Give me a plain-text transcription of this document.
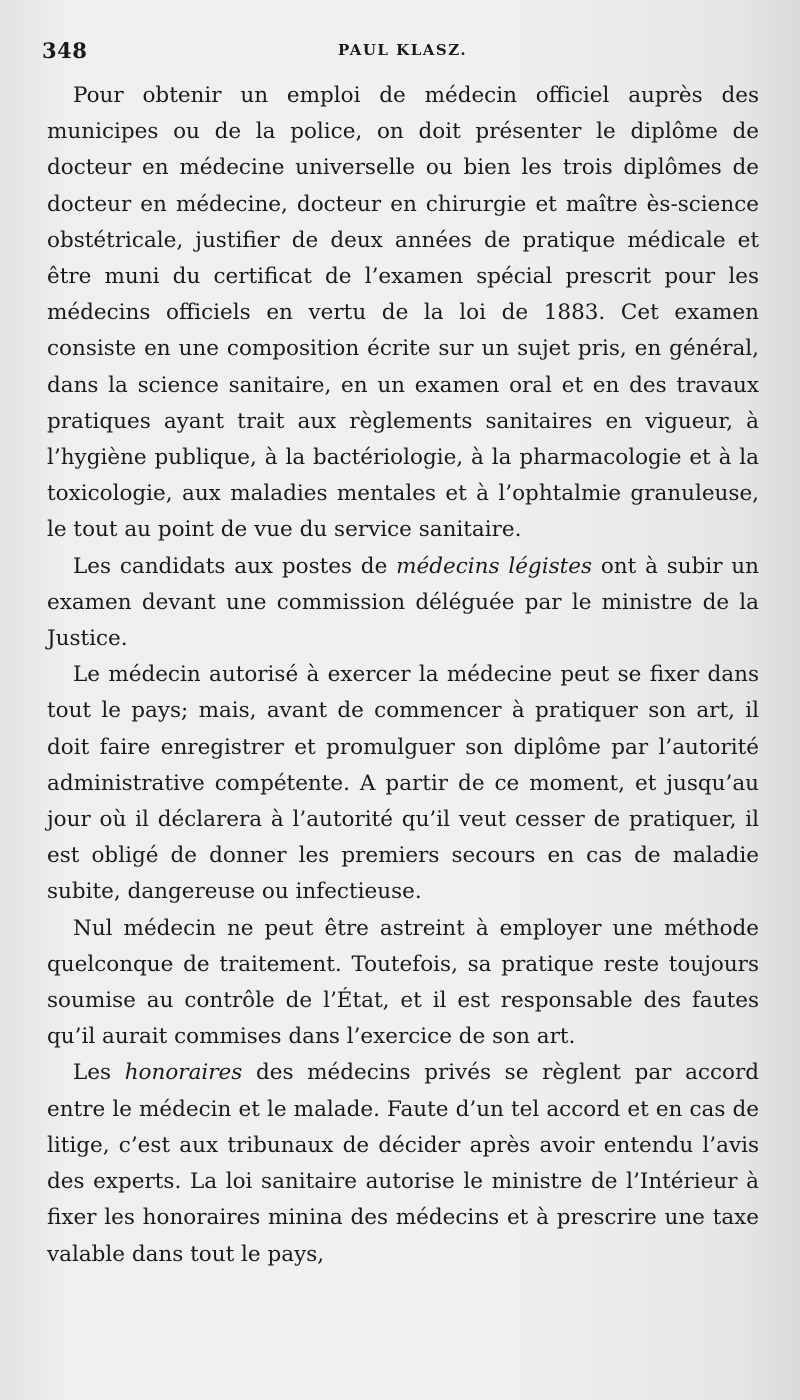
348	PAUL KLASZ.

Pour obtenir un emploi de médecin officiel auprès des municipes ou de la police, on doit présenter le diplôme de docteur en médecine universelle ou bien les trois diplômes de docteur en médecine, docteur en chirurgie et maître ès-science obstétricale, justifier de deux années de pratique médicale et être muni du certificat de l’examen spécial prescrit pour les médecins officiels en vertu de la loi de 1883. Cet examen consiste en une composition écrite sur un sujet pris, en général, dans la science sanitaire, en un examen oral et en des travaux pratiques ayant trait aux règlements sanitaires en vigueur, à l’hygiène publique, à la bactériologie, à la pharmacologie et à la toxicologie, aux maladies mentales et à l’ophtalmie granuleuse, le tout au point de vue du service sanitaire.

Les candidats aux postes de médecins légistes ont à subir un examen devant une commission déléguée par le ministre de la Justice.

Le médecin autorisé à exercer la médecine peut se fixer dans tout le pays; mais, avant de commencer à pratiquer son art, il doit faire enregistrer et promulguer son diplôme par l’autorité administrative compétente. A partir de ce moment, et jusqu’au jour où il déclarera à l’autorité qu’il veut cesser de pratiquer, il est obligé de donner les premiers secours en cas de maladie subite, dangereuse ou infectieuse.

Nul médecin ne peut être astreint à employer une méthode quelconque de traitement. Toutefois, sa pratique reste toujours soumise au contrôle de l’État, et il est responsable des fautes qu’il aurait commises dans l’exercice de son art.

Les honoraires des médecins privés se règlent par accord entre le médecin et le malade. Faute d’un tel accord et en cas de litige, c’est aux tribunaux de décider après avoir entendu l’avis des experts. La loi sanitaire autorise le ministre de l’Intérieur à fixer les honoraires minina des médecins et à prescrire une taxe valable dans tout le pays,
